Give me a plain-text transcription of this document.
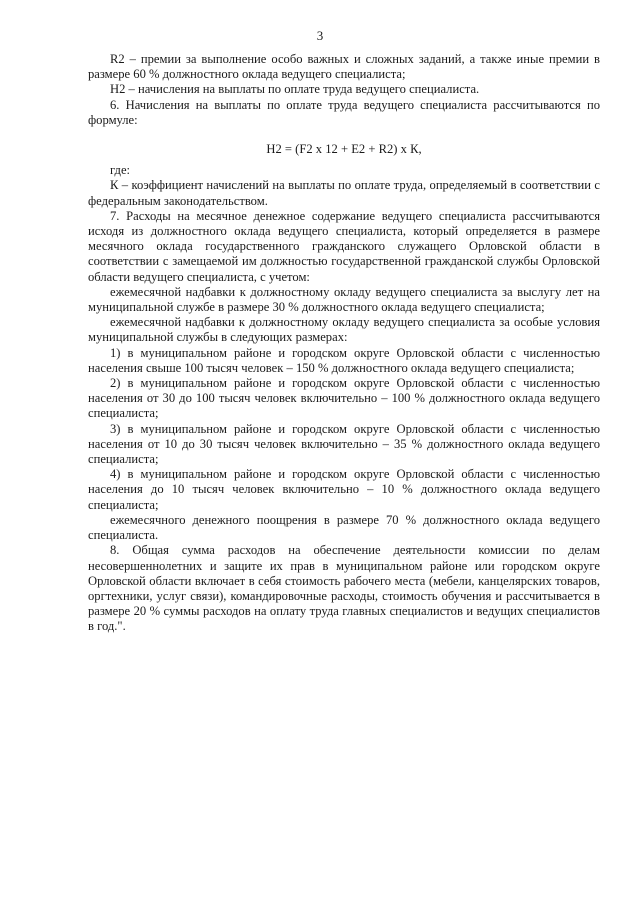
3

R2 – премии за выполнение особо важных и сложных заданий, а также иные премии в размере 60 % должностного оклада ведущего специалиста;

Н2 – начисления на выплаты по оплате труда ведущего специалиста.

6. Начисления на выплаты по оплате труда ведущего специалиста рассчитываются по формуле:

Н2 = (F2 х 12 + Е2 + R2) х К,

где:

К – коэффициент начислений на выплаты по оплате труда, определяемый в соответствии с федеральным законодательством.

7. Расходы на месячное денежное содержание ведущего специалиста рассчитываются исходя из должностного оклада ведущего специалиста, который определяется в размере месячного оклада государственного гражданского служащего Орловской области в соответствии с замещаемой им должностью государственной гражданской службы Орловской области ведущего специалиста, с учетом:

ежемесячной надбавки к должностному окладу ведущего специалиста за выслугу лет на муниципальной службе в размере 30 % должностного оклада ведущего специалиста;

ежемесячной надбавки к должностному окладу ведущего специалиста за особые условия муниципальной службы в следующих размерах:

1) в муниципальном районе и городском округе Орловской области с численностью населения свыше 100 тысяч человек – 150 % должностного оклада ведущего специалиста;

2) в муниципальном районе и городском округе Орловской области с численностью населения от 30 до 100 тысяч человек включительно – 100 % должностного оклада ведущего специалиста;

3) в муниципальном районе и городском округе Орловской области с численностью населения от 10 до 30 тысяч человек включительно – 35 % должностного оклада ведущего специалиста;

4) в муниципальном районе и городском округе Орловской области с численностью населения до 10 тысяч человек включительно – 10 % должностного оклада ведущего специалиста;

ежемесячного денежного поощрения в размере 70 % должностного оклада ведущего специалиста.

8. Общая сумма расходов на обеспечение деятельности комиссии по делам несовершеннолетних и защите их прав в муниципальном районе или городском округе Орловской области включает в себя стоимость рабочего места (мебели, канцелярских товаров, оргтехники, услуг связи), командировочные расходы, стоимость обучения и рассчитывается в размере 20 % суммы расходов на оплату труда главных специалистов и ведущих специалистов в год.".
